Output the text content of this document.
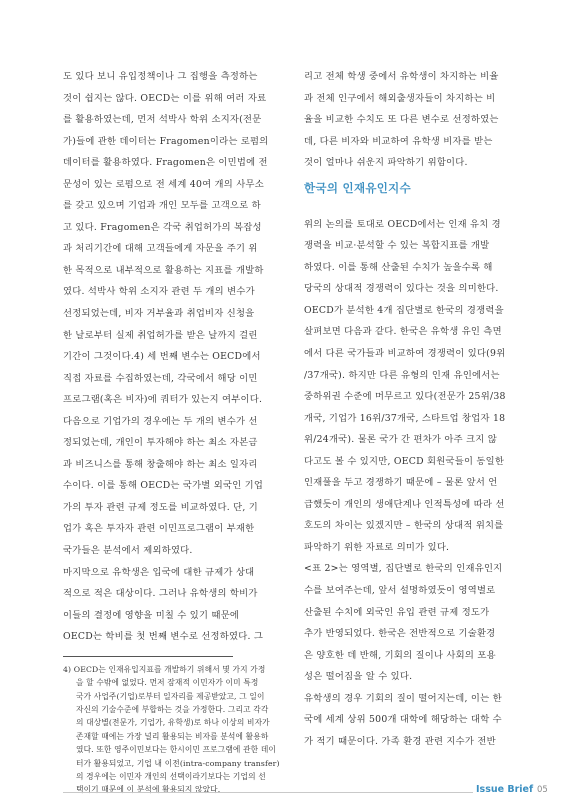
도 있다 보니 유입정책이나 그 집행을 측정하는
것이 쉽지는 않다. OECD는 이를 위해 여러 자료
를 활용하였는데, 먼저 석박사 학위 소지자(전문
가)들에 관한 데이터는 Fragomen이라는 로펌의
데이터를 활용하였다. Fragomen은 이민법에 전
문성이 있는 로펌으로 전 세계 40여 개의 사무소
를 갖고 있으며 기업과 개인 모두를 고객으로 하
고 있다. Fragomen은 각국 취업허가의 복잡성
과 처리기간에 대해 고객들에게 자문을 주기 위
한 목적으로 내부적으로 활용하는 지표를 개발하
였다. 석박사 학위 소지자 관련 두 개의 변수가
선정되었는데, 비자 거부율과 취업비자 신청을
한 날로부터 실제 취업허가를 받은 날까지 걸린
기간이 그것이다.4) 세 번째 변수는 OECD에서
직접 자료를 수집하였는데, 각국에서 해당 이민
프로그램(혹은 비자)에 쿼터가 있는지 여부이다.
다음으로 기업가의 경우에는 두 개의 변수가 선
정되었는데, 개인이 투자해야 하는 최소 자본금
과 비즈니스를 통해 창출해야 하는 최소 일자리
수이다. 이를 통해 OECD는 국가별 외국인 기업
가의 투자 관련 규제 정도를 비교하였다. 단, 기
업가 혹은 투자자 관련 이민프로그램이 부재한
국가들은 분석에서 제외하였다.
마지막으로 유학생은 입국에 대한 규제가 상대
적으로 적은 대상이다. 그러나 유학생의 학비가
이들의 결정에 영향을 미칠 수 있기 때문에
OECD는 학비를 첫 번째 변수로 선정하였다. 그
4) OECD는 인재유입지표를 개발하기 위해서 몇 가지 가정
을 할 수밖에 없었다. 먼저 잠재적 이민자가 이미 특정
국가 사업주(기업)로부터 일자리를 제공받았고, 그 일이
자신의 기술수준에 부합하는 것을 가정한다. 그리고 각각
의 대상별(전문가, 기업가, 유학생)로 하나 이상의 비자가
존재할 때에는 가장 널리 활용되는 비자를 분석에 활용하
였다. 또한 영주이민보다는 한시이민 프로그램에 관한 데이
터가 활용되었고, 기업 내 이전(intra-company transfer)
의 경우에는 이민자 개인의 선택이라기보다는 기업의 선
택이기 때문에 이 분석에 활용되지 않았다.
리고 전체 학생 중에서 유학생이 차지하는 비율
과 전체 인구에서 해외출생자들이 차지하는 비
율을 비교한 수치도 또 다른 변수로 선정하였는
데, 다른 비자와 비교하여 유학생 비자를 받는
것이 얼마나 쉬운지 파악하기 위함이다.
한국의 인재유인지수
위의 논의를 토대로 OECD에서는 인재 유치 경
쟁력을 비교·분석할 수 있는 복합지표를 개발
하였다. 이를 통해 산출된 수치가 높을수록 해
당국의 상대적 경쟁력이 있다는 것을 의미한다.
OECD가 분석한 4개 집단별로 한국의 경쟁력을
살펴보면 다음과 같다. 한국은 유학생 유인 측면
에서 다른 국가들과 비교하여 경쟁력이 있다(9위
/37개국). 하지만 다른 유형의 인재 유인에서는
중하위권 수준에 머무르고 있다(전문가 25위/38
개국, 기업가 16위/37개국, 스타트업 창업자 18
위/24개국). 물론 국가 간 편차가 아주 크지 않
다고도 볼 수 있지만, OECD 회원국들이 동일한
인재풀을 두고 경쟁하기 때문에 – 물론 앞서 언
급했듯이 개인의 생애단계나 인적특성에 따라 선
호도의 차이는 있겠지만 – 한국의 상대적 위치를
파악하기 위한 자료로 의미가 있다.
<표 2>는 영역별, 집단별로 한국의 인재유인지
수를 보여주는데, 앞서 설명하였듯이 영역별로
산출된 수치에 외국인 유입 관련 규제 정도가
추가 반영되었다. 한국은 전반적으로 기술환경
은 양호한 데 반해, 기회의 질이나 사회의 포용
성은 떨어짐을 알 수 있다.
유학생의 경우 기회의 질이 떨어지는데, 이는 한
국에 세계 상위 500개 대학에 해당하는 대학 수
가 적기 때문이다. 가족 환경 관련 지수가 전반
Issue Brief 05
